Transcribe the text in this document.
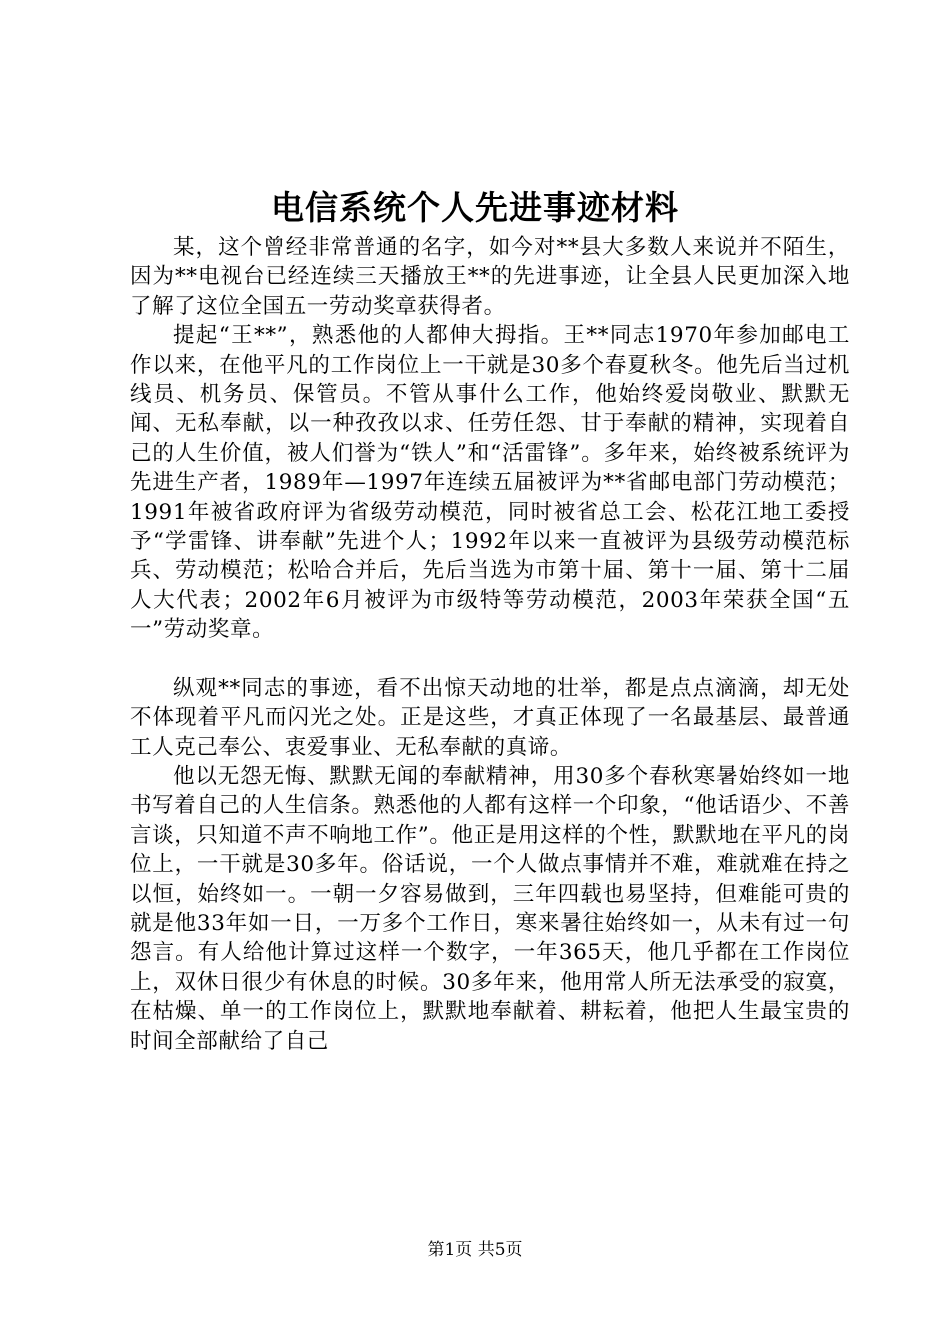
电信系统个人先进事迹材料

某，这个曾经非常普通的名字，如今对**县大多数人来说并不陌生，因为**电视台已经连续三天播放王**的先进事迹，让全县人民更加深入地了解了这位全国五一劳动奖章获得者。

提起“王**”，熟悉他的人都伸大拇指。王**同志1970年参加邮电工作以来，在他平凡的工作岗位上一干就是30多个春夏秋冬。他先后当过机线员、机务员、保管员。不管从事什么工作，他始终爱岗敬业、默默无闻、无私奉献，以一种孜孜以求、任劳任怨、甘于奉献的精神，实现着自己的人生价值，被人们誉为“铁人”和“活雷锋”。多年来，始终被系统评为先进生产者，1989年—1997年连续五届被评为**省邮电部门劳动模范；1991年被省政府评为省级劳动模范，同时被省总工会、松花江地工委授予“学雷锋、讲奉献”先进个人；1992年以来一直被评为县级劳动模范标兵、劳动模范；松哈合并后，先后当选为市第十届、第十一届、第十二届人大代表；2002年6月被评为市级特等劳动模范，2003年荣获全国“五一”劳动奖章。

纵观**同志的事迹，看不出惊天动地的壮举，都是点点滴滴，却无处不体现着平凡而闪光之处。正是这些，才真正体现了一名最基层、最普通工人克己奉公、衷爱事业、无私奉献的真谛。

他以无怨无悔、默默无闻的奉献精神，用30多个春秋寒暑始终如一地书写着自己的人生信条。熟悉他的人都有这样一个印象，“他话语少、不善言谈，只知道不声不响地工作”。他正是用这样的个性，默默地在平凡的岗位上，一干就是30多年。俗话说，一个人做点事情并不难，难就难在持之以恒，始终如一。一朝一夕容易做到，三年四载也易坚持，但难能可贵的就是他33年如一日，一万多个工作日，寒来暑往始终如一，从未有过一句怨言。有人给他计算过这样一个数字，一年365天，他几乎都在工作岗位上，双休日很少有休息的时候。30多年来，他用常人所无法承受的寂寞，在枯燥、单一的工作岗位上，默默地奉献着、耕耘着，他把人生最宝贵的时间全部献给了自己

第1页 共5页
